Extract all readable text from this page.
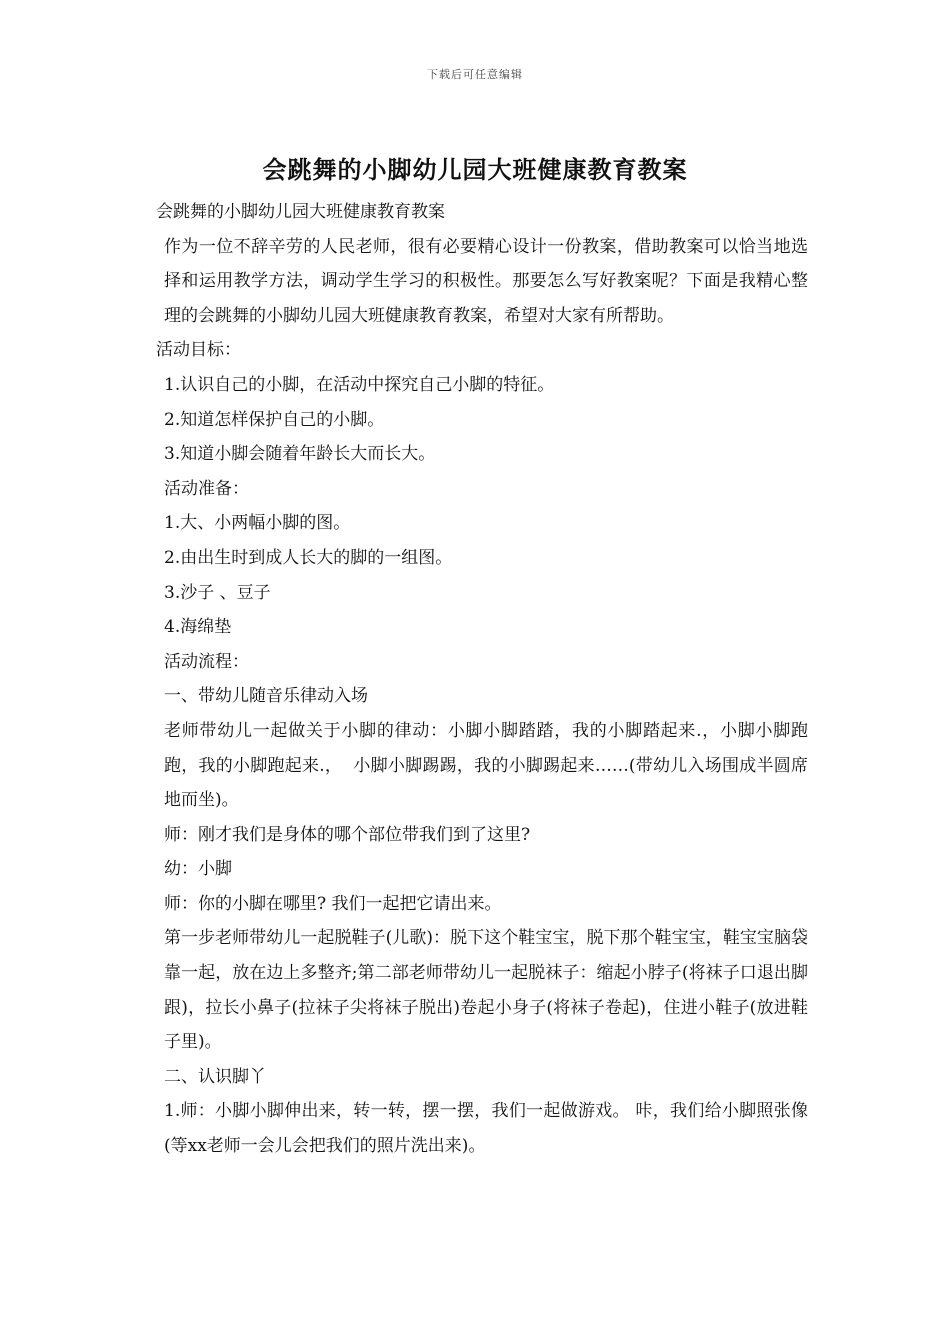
下载后可任意编辑
会跳舞的小脚幼儿园大班健康教育教案

会跳舞的小脚幼儿园大班健康教育教案

作为一位不辞辛劳的人民老师，很有必要精心设计一份教案，借助教案可以恰当地选择和运用教学方法，调动学生学习的积极性。那要怎么写好教案呢？下面是我精心整理的会跳舞的小脚幼儿园大班健康教育教案，希望对大家有所帮助。

活动目标：

1.认识自己的小脚，在活动中探究自己小脚的特征。

2.知道怎样保护自己的小脚。

3.知道小脚会随着年龄长大而长大。

活动准备：

1.大、小两幅小脚的图。

2.由出生时到成人长大的脚的一组图。

3.沙子 、豆子

4.海绵垫

活动流程：

一、带幼儿随音乐律动入场

老师带幼儿一起做关于小脚的律动：小脚小脚踏踏，我的小脚踏起来.，小脚小脚跑跑，我的小脚跑起来.，  小脚小脚踢踢，我的小脚踢起来……(带幼儿入场围成半圆席地而坐)。

师：刚才我们是身体的哪个部位带我们到了这里?

幼：小脚

师：你的小脚在哪里? 我们一起把它请出来。

第一步老师带幼儿一起脱鞋子(儿歌)：脱下这个鞋宝宝，脱下那个鞋宝宝，鞋宝宝脑袋靠一起，放在边上多整齐;第二部老师带幼儿一起脱袜子：缩起小脖子(将袜子口退出脚跟)，拉长小鼻子(拉袜子尖将袜子脱出)卷起小身子(将袜子卷起)，住进小鞋子(放进鞋子里)。

二、认识脚丫

1.师：小脚小脚伸出来，转一转，摆一摆，我们一起做游戏。 咔，我们给小脚照张像(等xx老师一会儿会把我们的照片洗出来)。
